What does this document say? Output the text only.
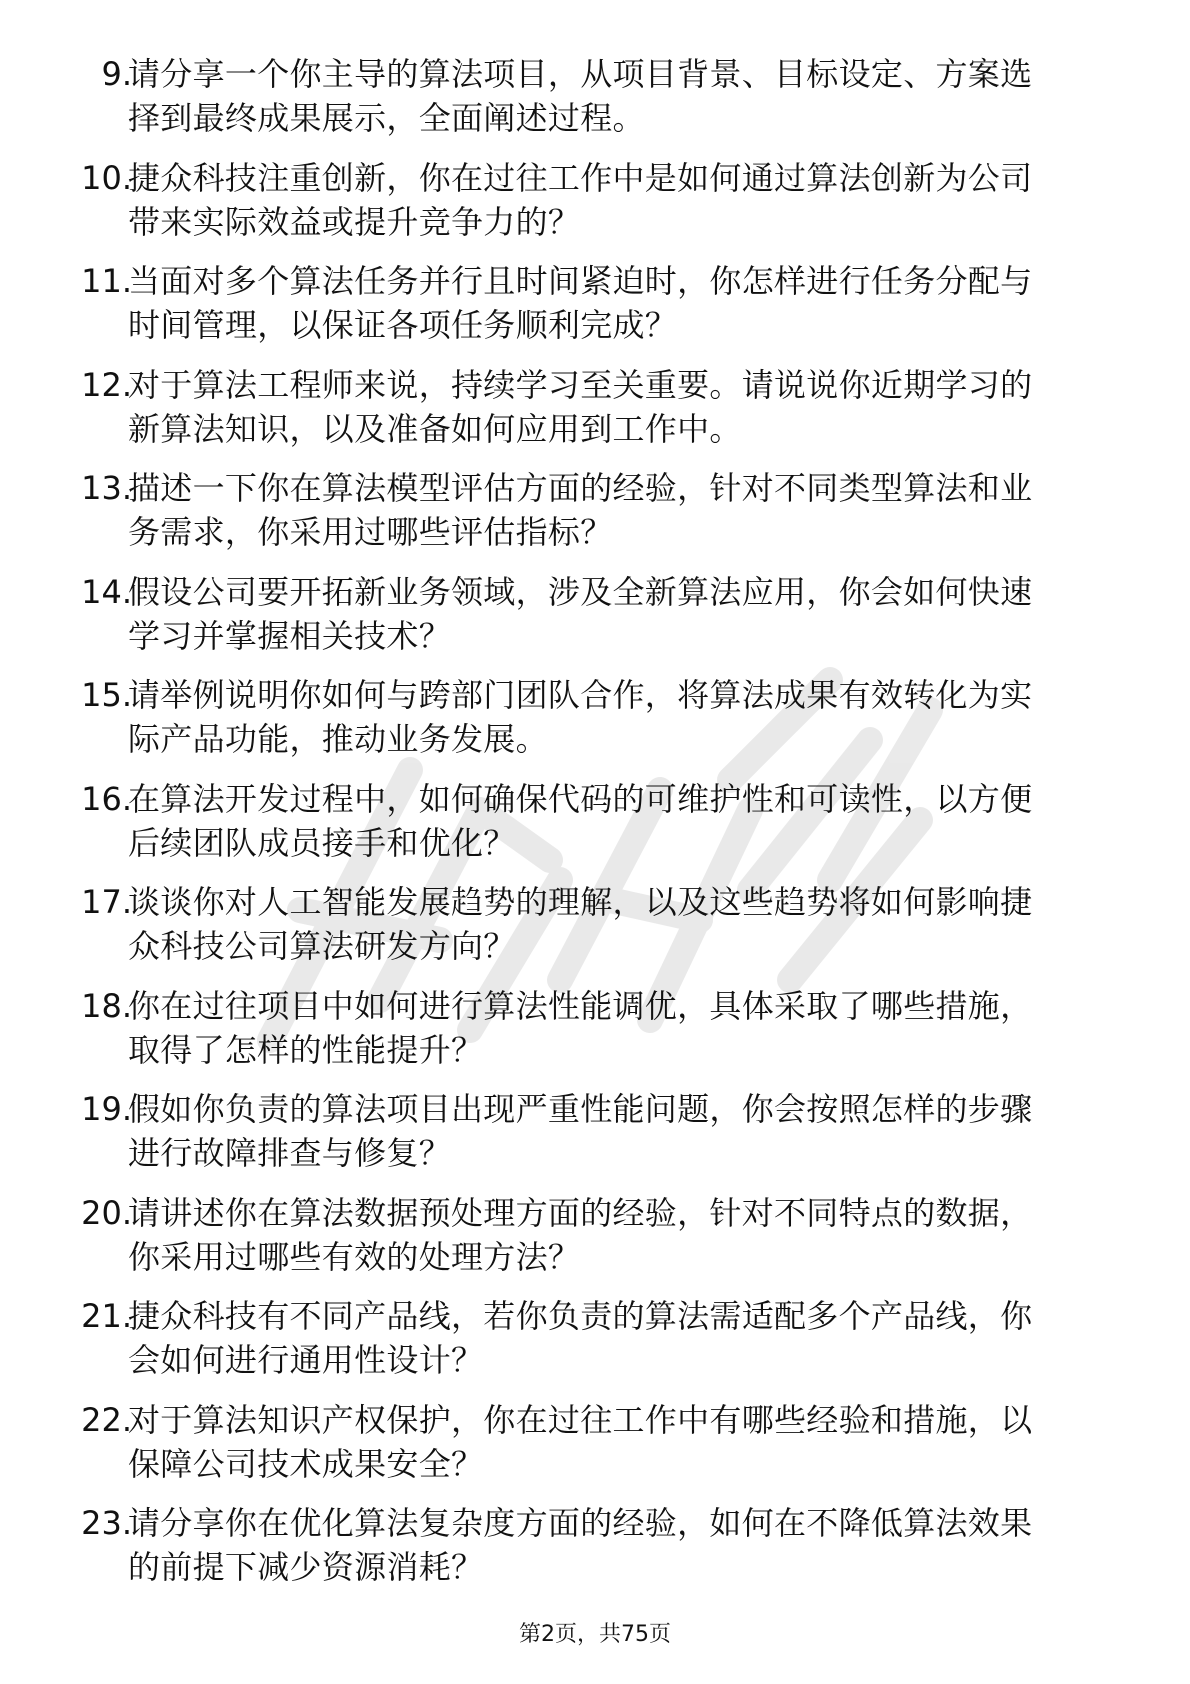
9.
请分享一个你主导的算法项目，从项目背景、目标设定、方案选
择到最终成果展示，全面阐述过程。
10.
捷众科技注重创新，你在过往工作中是如何通过算法创新为公司
带来实际效益或提升竞争力的？
11.
当面对多个算法任务并行且时间紧迫时，你怎样进行任务分配与
时间管理，以保证各项任务顺利完成？
12.
对于算法工程师来说，持续学习至关重要。请说说你近期学习的
新算法知识，以及准备如何应用到工作中。
13.
描述一下你在算法模型评估方面的经验，针对不同类型算法和业
务需求，你采用过哪些评估指标？
14.
假设公司要开拓新业务领域，涉及全新算法应用，你会如何快速
学习并掌握相关技术？
15.
请举例说明你如何与跨部门团队合作，将算法成果有效转化为实
际产品功能，推动业务发展。
16.
在算法开发过程中，如何确保代码的可维护性和可读性，以方便
后续团队成员接手和优化？
17.
谈谈你对人工智能发展趋势的理解，以及这些趋势将如何影响捷
众科技公司算法研发方向？
18.
你在过往项目中如何进行算法性能调优，具体采取了哪些措施，
取得了怎样的性能提升？
19.
假如你负责的算法项目出现严重性能问题，你会按照怎样的步骤
进行故障排查与修复？
20.
请讲述你在算法数据预处理方面的经验，针对不同特点的数据，
你采用过哪些有效的处理方法？
21.
捷众科技有不同产品线，若你负责的算法需适配多个产品线，你
会如何进行通用性设计？
22.
对于算法知识产权保护，你在过往工作中有哪些经验和措施，以
保障公司技术成果安全？
23.
请分享你在优化算法复杂度方面的经验，如何在不降低算法效果
的前提下减少资源消耗？
第2页，共75页
